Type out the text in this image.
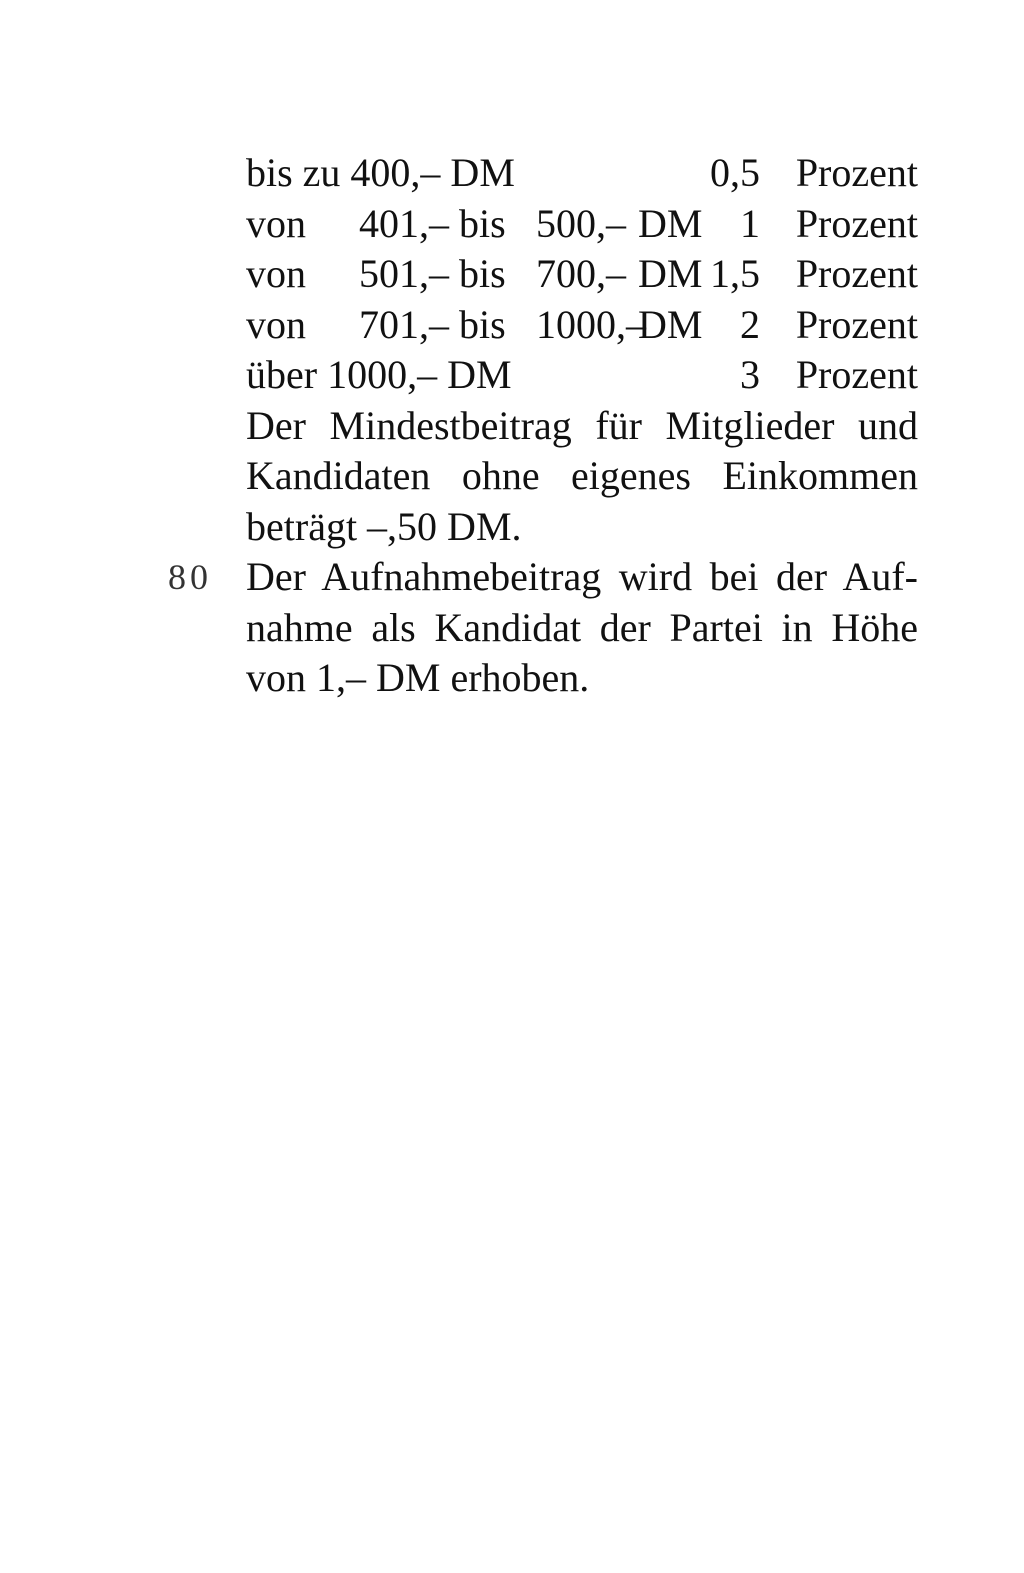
bis zu 400,– DM	0,5 Prozent
von 401,– bis 500,– DM 1 Prozent
von 501,– bis 700,– DM 1,5 Prozent
von 701,– bis 1000,–
DM 2 Prozent
über 1000,– DM	3 Prozent
Der Mindestbeitrag für Mitglieder und
Kandidaten ohne eigenes Einkommen
beträgt –,50 DM.
80 Der Aufnahmebeitrag wird bei der Auf-
nahme als Kandidat der Partei in Höhe
von 1,– DM erhoben.
